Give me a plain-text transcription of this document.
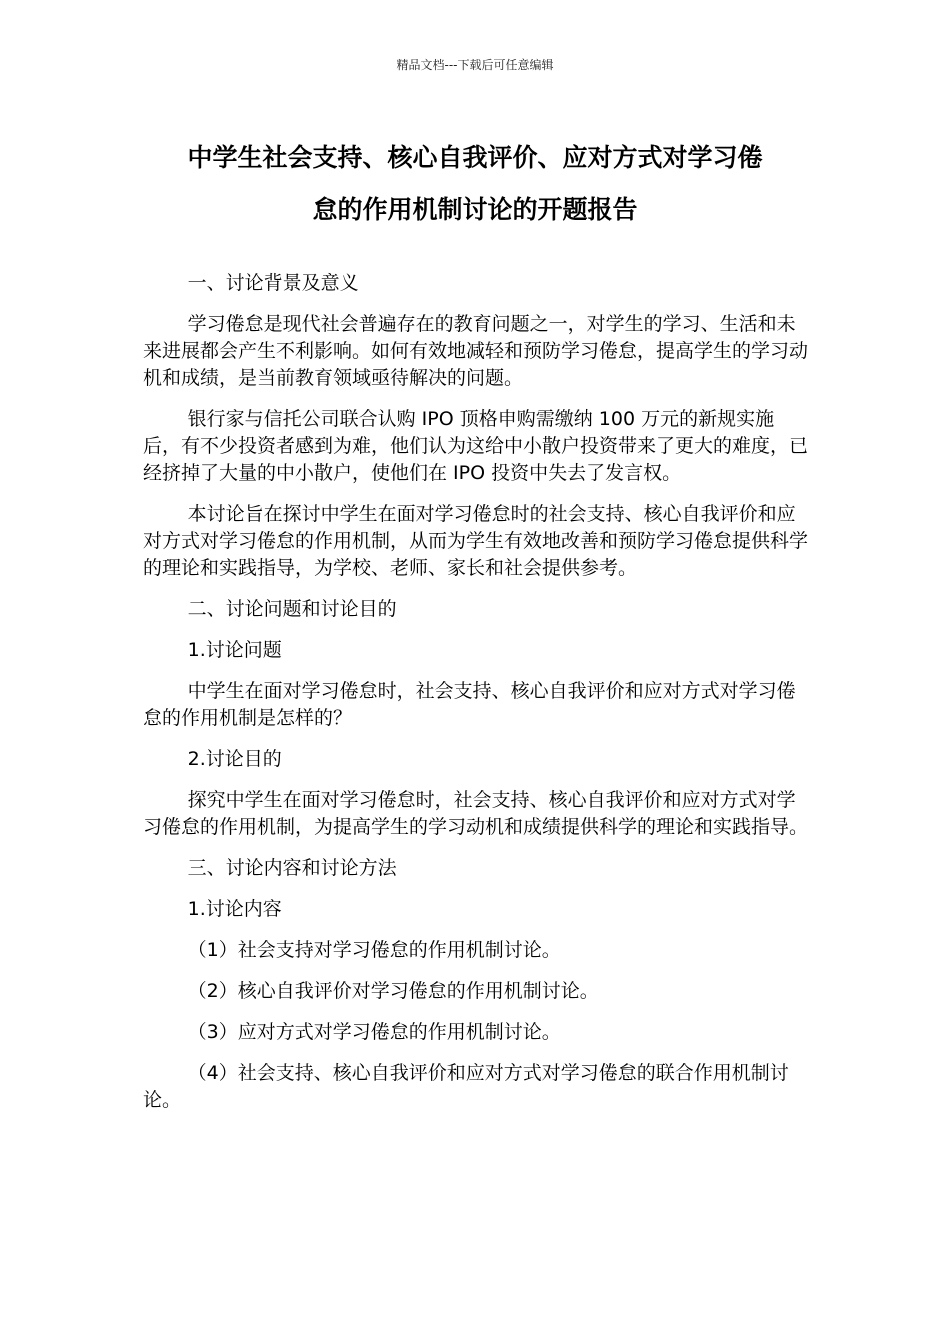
精品文档---下载后可任意编辑
中学生社会支持、核心自我评价、应对方式对学习倦
怠的作用机制讨论的开题报告

一、讨论背景及意义

学习倦怠是现代社会普遍存在的教育问题之一，对学生的学习、生活和未来进展都会产生不利影响。如何有效地减轻和预防学习倦怠，提高学生的学习动机和成绩，是当前教育领域亟待解决的问题。

银行家与信托公司联合认购 IPO 顶格申购需缴纳 100 万元的新规实施后，有不少投资者感到为难，他们认为这给中小散户投资带来了更大的难度，已经挤掉了大量的中小散户，使他们在 IPO 投资中失去了发言权。

本讨论旨在探讨中学生在面对学习倦怠时的社会支持、核心自我评价和应对方式对学习倦怠的作用机制，从而为学生有效地改善和预防学习倦怠提供科学的理论和实践指导，为学校、老师、家长和社会提供参考。

二、讨论问题和讨论目的

1.讨论问题

中学生在面对学习倦怠时，社会支持、核心自我评价和应对方式对学习倦怠的作用机制是怎样的？

2.讨论目的

探究中学生在面对学习倦怠时，社会支持、核心自我评价和应对方式对学习倦怠的作用机制，为提高学生的学习动机和成绩提供科学的理论和实践指导。

三、讨论内容和讨论方法

1.讨论内容

（1）社会支持对学习倦怠的作用机制讨论。

（2）核心自我评价对学习倦怠的作用机制讨论。

（3）应对方式对学习倦怠的作用机制讨论。

（4）社会支持、核心自我评价和应对方式对学习倦怠的联合作用机制讨论。
